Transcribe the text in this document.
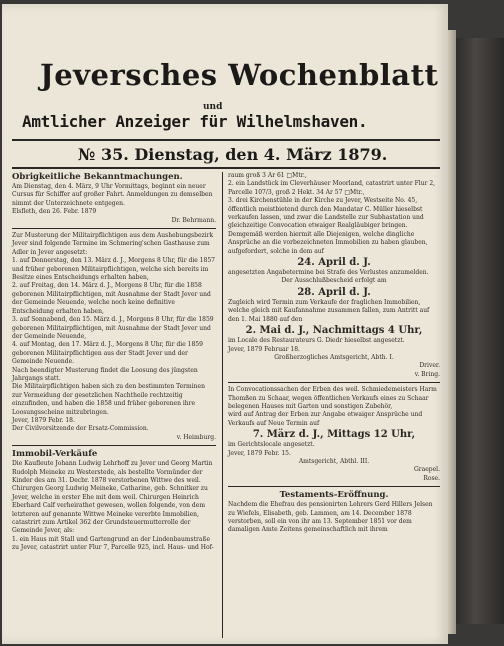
Jeversches Wochenblatt
und
Amtlicher Anzeiger für Wilhelmshaven.
№ 35. Dienstag, den 4. März 1879.

Obrigkeitliche Bekanntmachungen.

Am Dienstag, den 4. März, 9 Uhr Vormittags, beginnt ein neuer Cursus für Schiffer auf großer Fahrt. Anmeldungen zu demselben nimmt der Unterzeichnete entgegen.

Elsfleth, den 26. Febr. 1879

Dr. Behrmann.

Zur Musterung der Militairpflichtigen aus dem Aushebungsbezirk Jever sind folgende Termine im Schmering'schen Gasthause zum Adler in Jever angesetzt:

1. auf Donnerstag, den 13. März d. J., Morgens 8 Uhr, für die 1857 und früher geborenen Militairpflichtigen, welche sich bereits im Besitze eines Entscheidungs erhalten haben,

2. auf Freitag, den 14. März d. J., Morgens 8 Uhr, für die 1858 geborenen Militairpflichtigen, mit Ausnahme der Stadt Jever und der Gemeinde Neuende, welche noch keine definitive Entscheidung erhalten haben,

3. auf Sonnabend, den 15. März d. J., Morgens 8 Uhr, für die 1859 geborenen Militairpflichtigen, mit Ausnahme der Stadt Jever und der Gemeinde Neuende,

4. auf Montag, den 17. März d. J., Morgens 8 Uhr, für die 1859 geborenen Militairpflichtigen aus der Stadt Jever und der Gemeinde Neuende.

Nach beendigter Musterung findet die Loosung des jüngsten Jahrgangs statt.

Die Militairpflichtigen haben sich zu den bestimmten Terminen zur Vermeidung der gesetzlichen Nachtheile rechtzeitig einzufinden, und haben die 1858 und früher geborenen ihre Loosungsscheine mitzubringen.

Jever, 1879 Febr. 18.

Der Civilvorsitzende der Ersatz-Commission.

v. Heimburg.

Immobil-Verkäufe

Die Kaufleute Johann Ludwig Lehrhoff zu Jever und Georg Martin Rudolph Meineke zu Westerstede, als bestellte Vormünder der Kinder des am 31. Decbr. 1878 verstorbenen Wittwe des weil. Chirurgen Georg Ludwig Meineke, Catharine, geb. Schnitker zu Jever, welche in erster Ehe mit dem weil. Chirurgen Heinrich Eberhard Calf verheirathet gewesen, wollen folgende, von dem letzteren auf genannte Wittwe Meineke vererbte Immobilien, catastrirt zum Artikel 362 der Grundsteuermutterrolle der Gemeinde Jever, als:

1. ein Haus mit Stall und Gartengrund an der Lindenbaumstraße zu Jever, catastrirt unter Flur 7, Parcelle 925, incl. Haus- und Hof-

raum groß 3 Ar 61 □Mtr.,

2. ein Landstück im Cleverhäuser Moorland, catastrirt unter Flur 2, Parcelle 107/3, groß 2 Hekt. 34 Ar 57 □Mtr.,

3. drei Kirchenstühle in der Kirche zu Jever, Westseite No. 45,

öffentlich meistbietend durch den Mandatar C. Müller hieselbst verkaufen lassen, und zwar die Landstelle zur Subhastation und gleichzeitige Convocation etwaiger Realgläubiger bringen.

Demgemäß werden hiermit alle Diejenigen, welche dingliche Ansprüche an die vorbezeichneten Immobilien zu haben glauben, aufgefordert, solche in dem auf

24. April d. J.

angesetzten Angabetermine bei Strafe des Verlustes anzumelden.

Der Ausschlußbescheid erfolgt am

28. April d. J.

Zugleich wird Termin zum Verkaufe der fraglichen Immobilien, welche gleich mit Kaufannahme zusammen fallen, zum Antritt auf den 1. Mai 1880 auf den

2. Mai d. J., Nachmittags 4 Uhr,

im Locale des Restaurateurs G. Diedr hieselbst angesetzt.

Jever, 1879 Februar 18.

Großherzogliches Amtsgericht, Abth. I.

Driver.

v. Bring.

In Convocationssachen der Erben des weil. Schmiedemeisters Harm Thomßen zu Schaar, wegen öffentlichen Verkaufs eines zu Schaar belegenen Hauses mit Garten und sonstigen Zubehör,

wird auf Antrag der Erben zur Angabe etwaiger Ansprüche und Verkaufs auf Neue Termin auf

7. März d. J., Mittags 12 Uhr,

im Gerichtslocale angesetzt.

Jever, 1879 Febr. 15.

Amtsgericht, Abthl. III.

Graepel.

Rose.

Testaments-Eröffnung.

Nachdem die Ehefrau des pensionirten Lehrers Gerd Hillers Jelsen zu Wiefels, Elisabeth, geb. Lammen, am 14. December 1878 verstorben, soll ein von ihr am 13. September 1851 vor dem damaligen Amte Zeitens gemeinschaftlich mit ihrem
